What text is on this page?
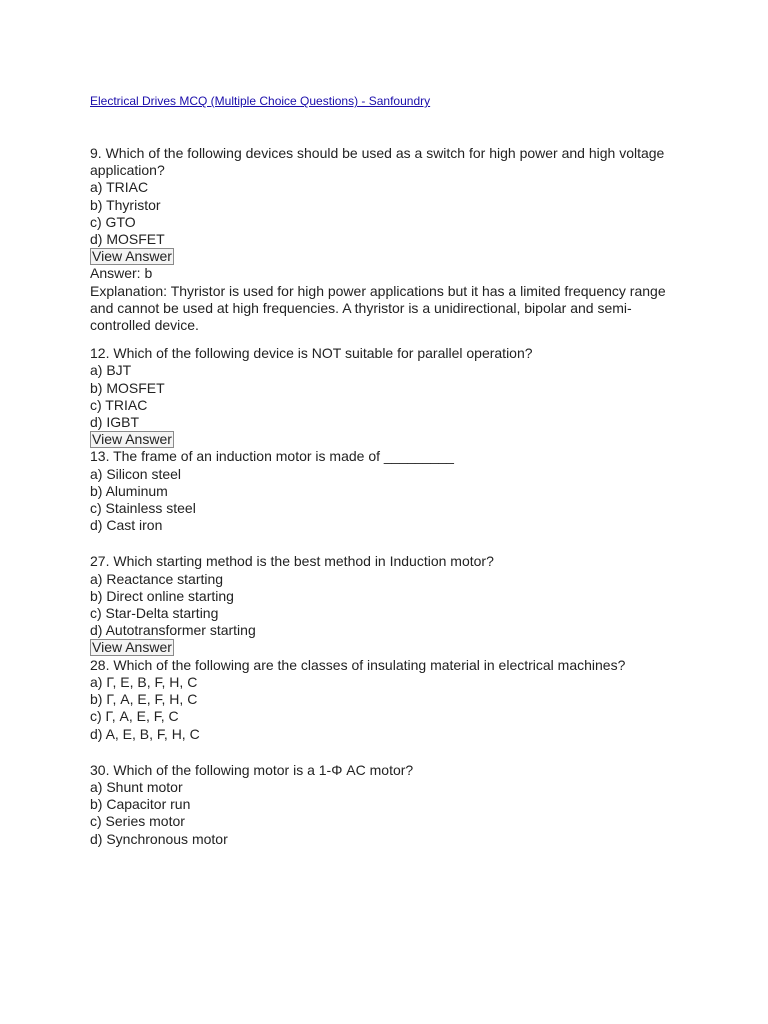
Electrical Drives MCQ (Multiple Choice Questions) - Sanfoundry
9. Which of the following devices should be used as a switch for high power and high voltage application?
a) TRIAC
b) Thyristor
c) GTO
d) MOSFET
View Answer
Answer: b
Explanation: Thyristor is used for high power applications but it has a limited frequency range and cannot be used at high frequencies. A thyristor is a unidirectional, bipolar and semi-controlled device.
12. Which of the following device is NOT suitable for parallel operation?
a) BJT
b) MOSFET
c) TRIAC
d) IGBT
View Answer
13. The frame of an induction motor is made of _________
a) Silicon steel
b) Aluminum
c) Stainless steel
d) Cast iron
27. Which starting method is the best method in Induction motor?
a) Reactance starting
b) Direct online starting
c) Star-Delta starting
d) Autotransformer starting
View Answer
28. Which of the following are the classes of insulating material in electrical machines?
a) Γ, E, B, F, H, C
b) Γ, A, E, F, H, C
c) Γ, A, E, F, C
d) A, E, B, F, H, C
30. Which of the following motor is a 1-Φ AC motor?
a) Shunt motor
b) Capacitor run
c) Series motor
d) Synchronous motor
